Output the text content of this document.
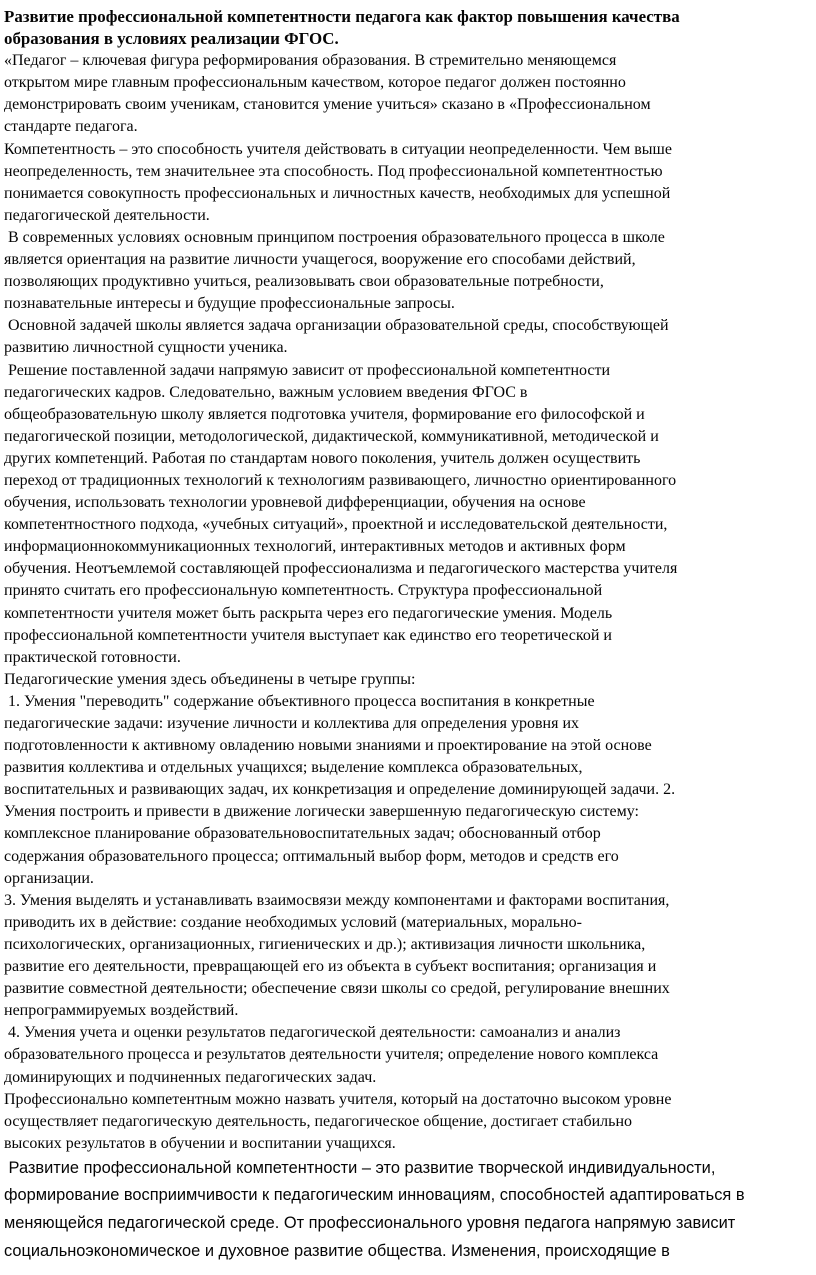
Развитие профессиональной компетентности педагога как фактор повышения качества
образования в условиях реализации ФГОС.
«Педагог – ключевая фигура реформирования образования. В стремительно меняющемся
открытом мире главным профессиональным качеством, которое педагог должен постоянно
демонстрировать своим ученикам, становится умение учиться» сказано в «Профессиональном
стандарте педагога.
Компетентность – это способность учителя действовать в ситуации неопределенности. Чем выше
неопределенность, тем значительнее эта способность. Под профессиональной компетентностью
понимается совокупность профессиональных и личностных качеств, необходимых для успешной
педагогической деятельности.
В современных условиях основным принципом построения образовательного процесса в школе
является ориентация на развитие личности учащегося, вооружение его способами действий,
позволяющих продуктивно учиться, реализовывать свои образовательные потребности,
познавательные интересы и будущие профессиональные запросы.
Основной задачей школы является задача организации образовательной среды, способствующей
развитию личностной сущности ученика.
Решение поставленной задачи напрямую зависит от профессиональной компетентности
педагогических кадров. Следовательно, важным условием введения ФГОС в
общеобразовательную школу является подготовка учителя, формирование его философской и
педагогической позиции, методологической, дидактической, коммуникативной, методической и
других компетенций. Работая по стандартам нового поколения, учитель должен осуществить
переход от традиционных технологий к технологиям развивающего, личностно ориентированного
обучения, использовать технологии уровневой дифференциации, обучения на основе
компетентностного подхода, «учебных ситуаций», проектной и исследовательской деятельности,
информационнокоммуникационных технологий, интерактивных методов и активных форм
обучения. Неотъемлемой составляющей профессионализма и педагогического мастерства учителя
принято считать его профессиональную компетентность. Структура профессиональной
компетентности учителя может быть раскрыта через его педагогические умения. Модель
профессиональной компетентности учителя выступает как единство его теоретической и
практической готовности.
Педагогические умения здесь объединены в четыре группы:
1. Умения "переводить" содержание объективного процесса воспитания в конкретные
педагогические задачи: изучение личности и коллектива для определения уровня их
подготовленности к активному овладению новыми знаниями и проектирование на этой основе
развития коллектива и отдельных учащихся; выделение комплекса образовательных,
воспитательных и развивающих задач, их конкретизация и определение доминирующей задачи. 2.
Умения построить и привести в движение логически завершенную педагогическую систему:
комплексное планирование образовательновоспитательных задач; обоснованный отбор
содержания образовательного процесса; оптимальный выбор форм, методов и средств его
организации.
3. Умения выделять и устанавливать взаимосвязи между компонентами и факторами воспитания,
приводить их в действие: создание необходимых условий (материальных, морально-
психологических, организационных, гигиенических и др.); активизация личности школьника,
развитие его деятельности, превращающей его из объекта в субъект воспитания; организация и
развитие совместной деятельности; обеспечение связи школы со средой, регулирование внешних
непрограммируемых воздействий.
4. Умения учета и оценки результатов педагогической деятельности: самоанализ и анализ
образовательного процесса и результатов деятельности учителя; определение нового комплекса
доминирующих и подчиненных педагогических задач.
Профессионально компетентным можно назвать учителя, который на достаточно высоком уровне
осуществляет педагогическую деятельность, педагогическое общение, достигает стабильно
высоких результатов в обучении и воспитании учащихся.
Развитие профессиональной компетентности – это развитие творческой индивидуальности,
формирование восприимчивости к педагогическим инновациям, способностей адаптироваться в
меняющейся педагогической среде. От профессионального уровня педагога напрямую зависит
социальноэкономическое и духовное развитие общества. Изменения, происходящие в
